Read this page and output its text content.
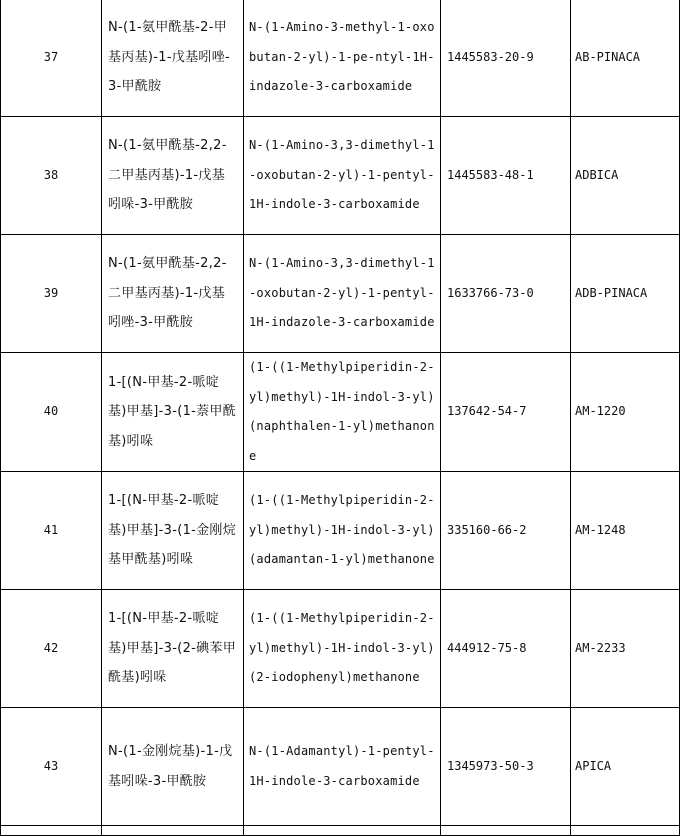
37	N-(1-氨甲酰基-2-甲基丙基)-1-戊基吲唑-3-甲酰胺	N-(1-Amino-3-methyl-1-oxobutan-2-yl)-1-pe-ntyl-1H-indazole-3-carboxamide	1445583-20-9	AB-PINACA
38	N-(1-氨甲酰基-2,2-二甲基丙基)-1-戊基吲哚-3-甲酰胺	N-(1-Amino-3,3-dimethyl-1-oxobutan-2-yl)-1-pentyl-1H-indole-3-carboxamide	1445583-48-1	ADBICA
39	N-(1-氨甲酰基-2,2-二甲基丙基)-1-戊基吲唑-3-甲酰胺	N-(1-Amino-3,3-dimethyl-1-oxobutan-2-yl)-1-pentyl-1H-indazole-3-carboxamide	1633766-73-0	ADB-PINACA
40	1-[(N-甲基-2-哌啶基)甲基]-3-(1-萘甲酰基)吲哚	(1-((1-Methylpiperidin-2-yl)methyl)-1H-indol-3-yl)(naphthalen-1-yl)methanone	137642-54-7	AM-1220
41	1-[(N-甲基-2-哌啶基)甲基]-3-(1-金刚烷基甲酰基)吲哚	(1-((1-Methylpiperidin-2-yl)methyl)-1H-indol-3-yl)(adamantan-1-yl)methanone	335160-66-2	AM-1248
42	1-[(N-甲基-2-哌啶基)甲基]-3-(2-碘苯甲酰基)吲哚	(1-((1-Methylpiperidin-2-yl)methyl)-1H-indol-3-yl)(2-iodophenyl)methanone	444912-75-8	AM-2233
43	N-(1-金刚烷基)-1-戊基吲哚-3-甲酰胺	N-(1-Adamantyl)-1-pentyl-1H-indole-3-carboxamide	1345973-50-3	APICA
